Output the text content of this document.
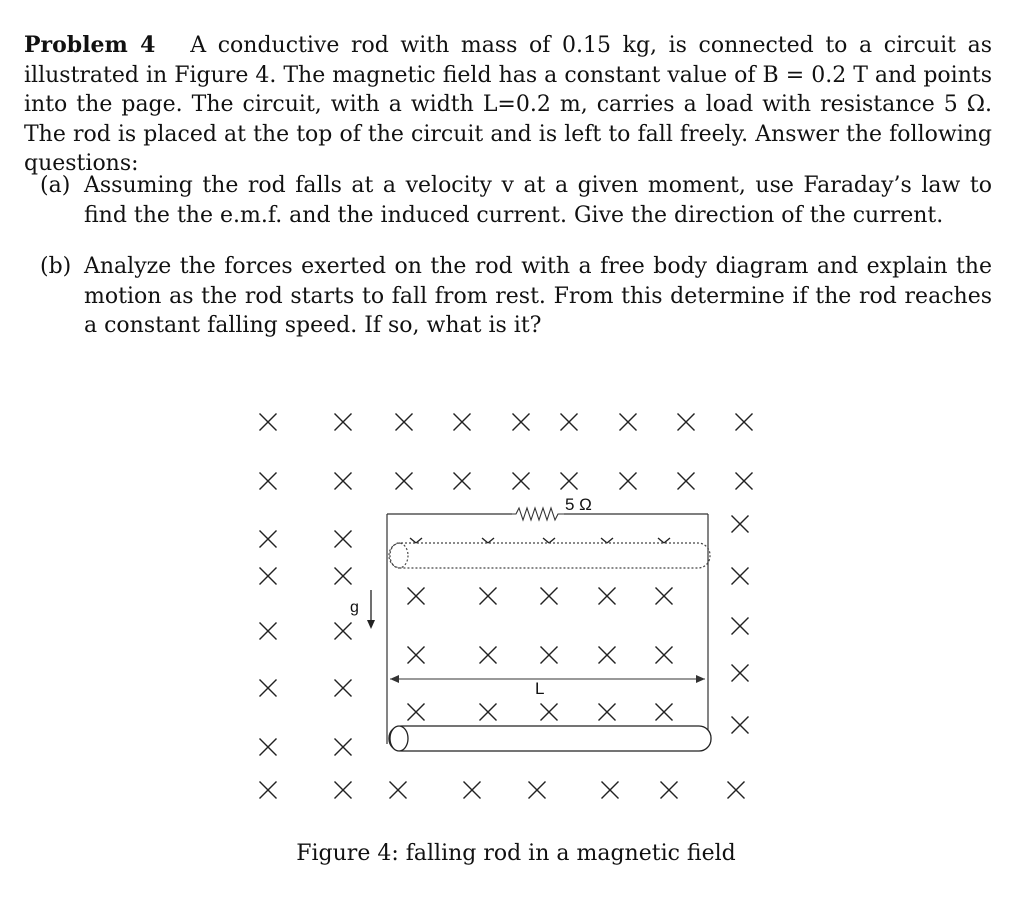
Problem 4 A conductive rod with mass of 0.15 kg, is connected to a circuit as illustrated in Figure 4. The magnetic field has a constant value of B = 0.2 T and points into the page. The circuit, with a width L=0.2 m, carries a load with resistance 5 Ω. The rod is placed at the top of the circuit and is left to fall freely. Answer the following questions:
(a) Assuming the rod falls at a velocity v at a given moment, use Faraday’s law to find the the e.m.f. and the induced current. Give the direction of the current.
(b) Analyze the forces exerted on the rod with a free body diagram and explain the motion as the rod starts to fall from rest. From this determine if the rod reaches a constant falling speed. If so, what is it?
5 Ω
L
g
Figure 4: falling rod in a magnetic field
